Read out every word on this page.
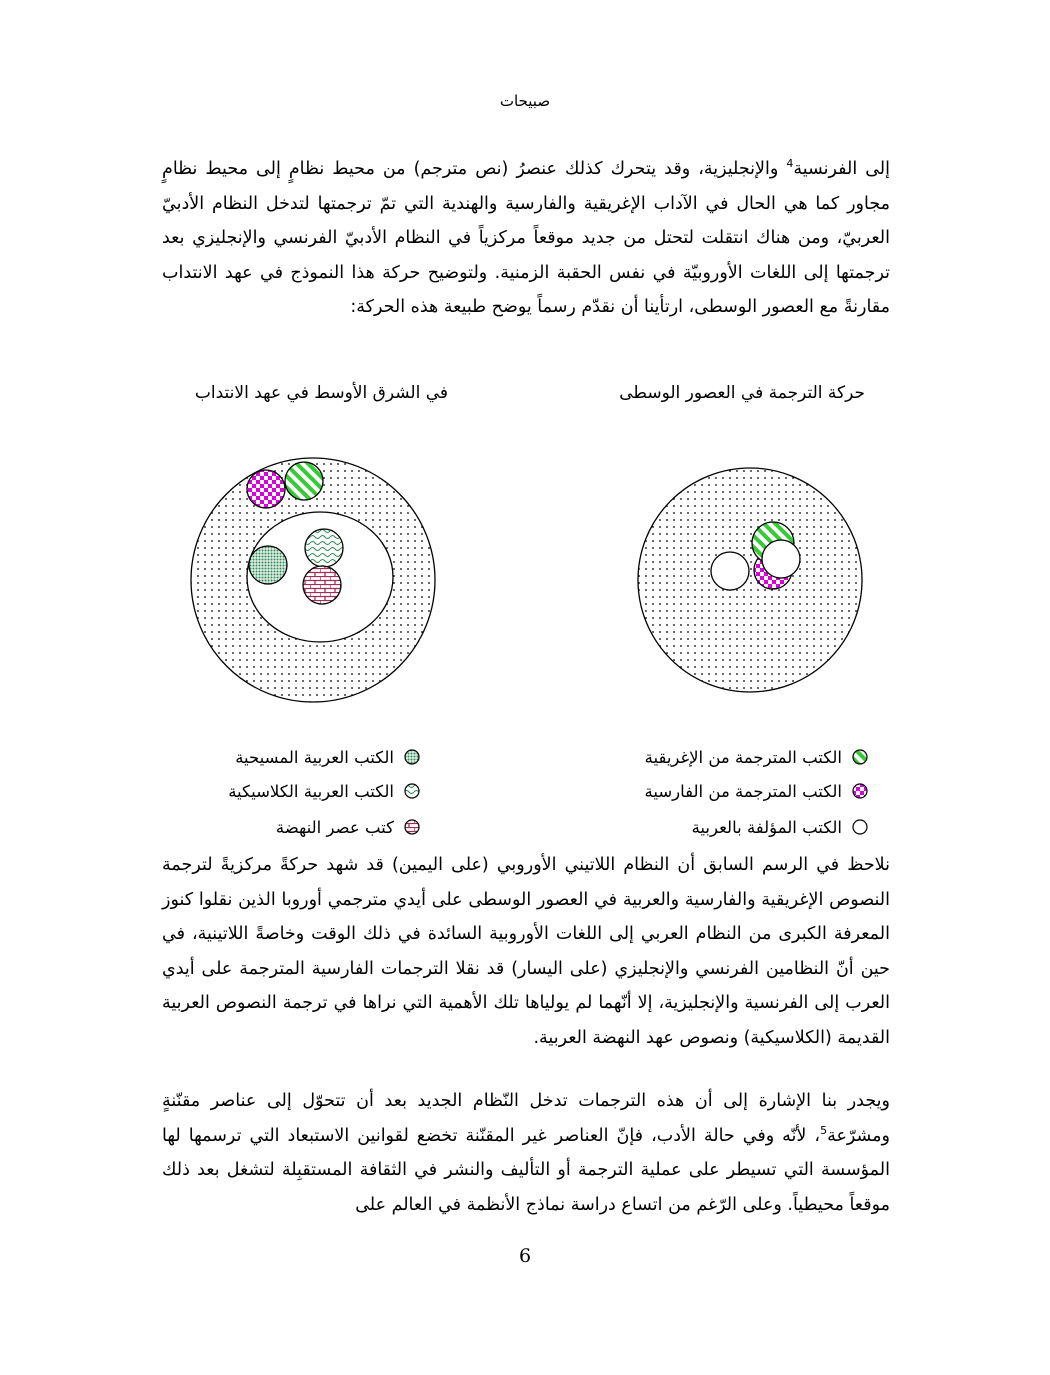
صبيحات

إلى الفرنسية$^4$ والإنجليزية، وقد يتحرك كذلك عنصرُ (نص مترجم) من محيط نظامٍ إلى محيط نظامٍ مجاور كما هي الحال في الآداب الإغريقية والفارسية والهندية التي تمّ ترجمتها لتدخل النظام الأدبيّ العربيّ، ومن هناك انتقلت لتحتل من جديد موقعاً مركزياً في النظام الأدبيّ الفرنسي والإنجليزي بعد ترجمتها إلى اللغات الأوروبيّة في نفس الحقبة الزمنية. ولتوضيح حركة هذا النموذج في عهد الانتداب مقارنةً مع العصور الوسطى، ارتأينا أن نقدّم رسماً يوضح طبيعة هذه الحركة:

حركة الترجمة في العصور الوسطى
في الشرق الأوسط في عهد الانتداب
الكتب المترجمة من الإغريقية
الكتب المترجمة من الفارسية
الكتب المؤلفة بالعربية
الكتب العربية المسيحية
الكتب العربية الكلاسيكية
كتب عصر النهضة

نلاحظ في الرسم السابق أن النظام اللاتيني الأوروبي (على اليمين) قد شهد حركةً مركزيةً لترجمة النصوص الإغريقية والفارسية والعربية في العصور الوسطى على أيدي مترجمي أوروبا الذين نقلوا كنوز المعرفة الكبرى من النظام العربي إلى اللغات الأوروبية السائدة في ذلك الوقت وخاصةً اللاتينية، في حين أنّ النظامين الفرنسي والإنجليزي (على اليسار) قد نقلا الترجمات الفارسية المترجمة على أيدي العرب إلى الفرنسية والإنجليزية، إلا أنّهما لم يولياها تلك الأهمية التي نراها في ترجمة النصوص العربية القديمة (الكلاسيكية) ونصوص عهد النهضة العربية.

ويجدر بنا الإشارة إلى أن هذه الترجمات تدخل النّظام الجديد بعد أن تتحوّل إلى عناصر مقنّنةٍ ومشرّعة$^5$، لأنّه وفي حالة الأدب، فإنّ العناصر غير المقنّنة تخضع لقوانين الاستبعاد التي ترسمها لها المؤسسة التي تسيطر على عملية الترجمة أو التأليف والنشر في الثقافة المستقبِلة لتشغل بعد ذلك موقعاً محيطياً. وعلى الرّغم من اتساع دراسة نماذج الأنظمة في العالم على

6
